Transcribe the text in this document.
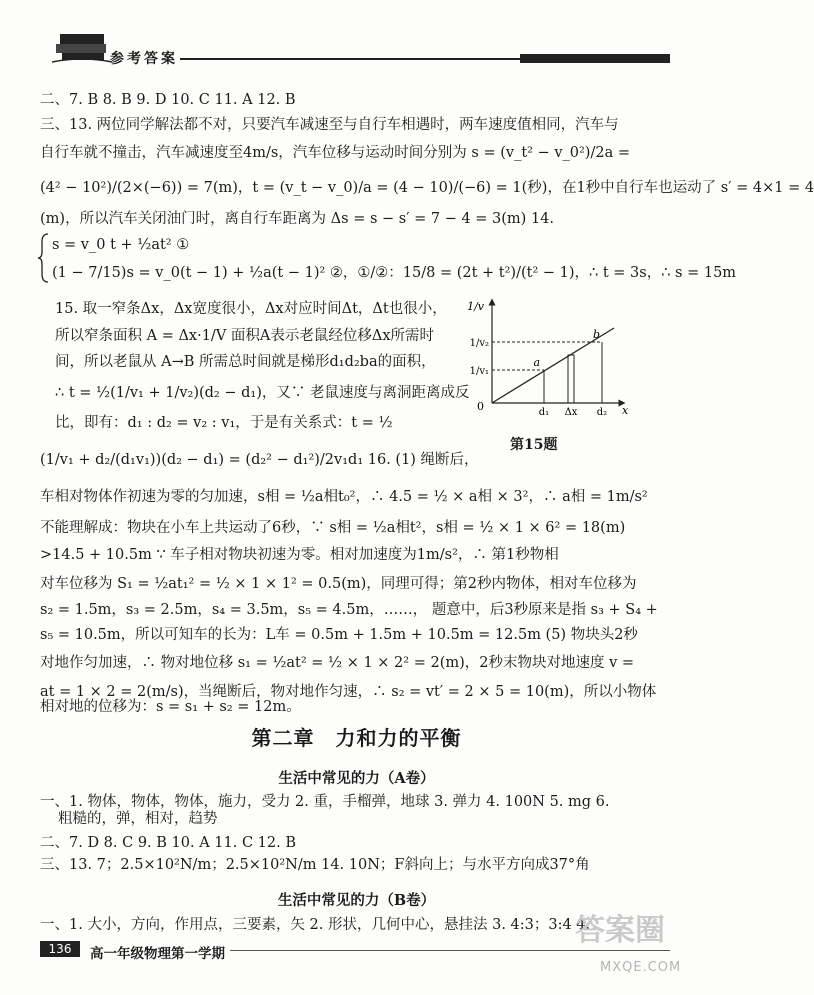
参考答案
二、7. B 8. B 9. D 10. C 11. A 12. B
三、13. 两位同学解法都不对，只要汽车减速至与自行车相遇时，两车速度值相同，汽车与
自行车就不撞击，汽车减速度至4m/s，汽车位移与运动时间分别为 s = (v_t² − v_0²)/2a =
(4² − 10²)/(2×(−6)) = 7(m)，t = (v_t − v_0)/a = (4 − 10)/(−6) = 1(秒)，在1秒中自行车也运动了 s′ = 4×1 = 4
(m)，所以汽车关闭油门时，离自行车距离为 Δs = s − s′ = 7 − 4 = 3(m) 14.
s = v_0 t + ½at² ①
(1 − 7/15)s = v_0(t − 1) + ½a(t − 1)² ②，①/②：15/8 = (2t + t²)/(t² − 1)，∴ t = 3s，∴ s = 15m
15. 取一窄条Δx，Δx宽度很小，Δx对应时间Δt，Δt也很小，
所以窄条面积 A = Δx·1/V 面积A表示老鼠经位移Δx所需时
间，所以老鼠从 A→B 所需总时间就是梯形d₁d₂ba的面积，
∴ t = ½(1/v₁ + 1/v₂)(d₂ − d₁)，又∵ 老鼠速度与离洞距离成反
比，即有：d₁ : d₂ = v₂ : v₁，于是有关系式：t = ½
(1/v₁ + d₂/(d₁v₁))(d₂ − d₁) = (d₂² − d₁²)/2v₁d₁ 16. (1) 绳断后，
车相对物体作初速为零的匀加速，s相 = ½a相t₀²，∴ 4.5 = ½ × a相 × 3²，∴ a相 = 1m/s²
不能理解成：物块在小车上共运动了6秒，∵ s相 = ½a相t²，s相 = ½ × 1 × 6² = 18(m)
>14.5 + 10.5m ∵ 车子相对物块初速为零。相对加速度为1m/s²，∴ 第1秒物相
对车位移为 S₁ = ½at₁² = ½ × 1 × 1² = 0.5(m)，同理可得；第2秒内物体，相对车位移为
s₂ = 1.5m，s₃ = 2.5m，s₄ = 3.5m，s₅ = 4.5m，……， 题意中，后3秒原来是指 s₃ + S₄ +
s₅ = 10.5m，所以可知车的长为：L车 = 0.5m + 1.5m + 10.5m = 12.5m (5) 物块头2秒
对地作匀加速，∴ 物对地位移 s₁ = ½at² = ½ × 1 × 2² = 2(m)，2秒末物块对地速度 v =
at = 1 × 2 = 2(m/s)，当绳断后，物对地作匀速，∴ s₂ = vt′ = 2 × 5 = 10(m)，所以小物体
相对地的位移为：s = s₁ + s₂ = 12m。
1/v
x
0
1/v₂
1/v₁
d₁ Δx d₂
a
b
第15题
第二章　力和力的平衡
生活中常见的力（A卷）
一、1. 物体，物体，物体，施力，受力 2. 重，手榴弹，地球 3. 弹力 4. 100N 5. mg 6.
粗糙的，弹，相对，趋势
二、7. D 8. C 9. B 10. A 11. C 12. B
三、13. 7；2.5×10²N/m；2.5×10²N/m 14. 10N；F斜向上；与水平方向成37°角
生活中常见的力（B卷）
一、1. 大小，方向，作用点，三要素，矢 2. 形状，几何中心，悬挂法 3. 4:3；3:4 4.
136	高一年级物理第一学期
答案圈
MXQE.COM
